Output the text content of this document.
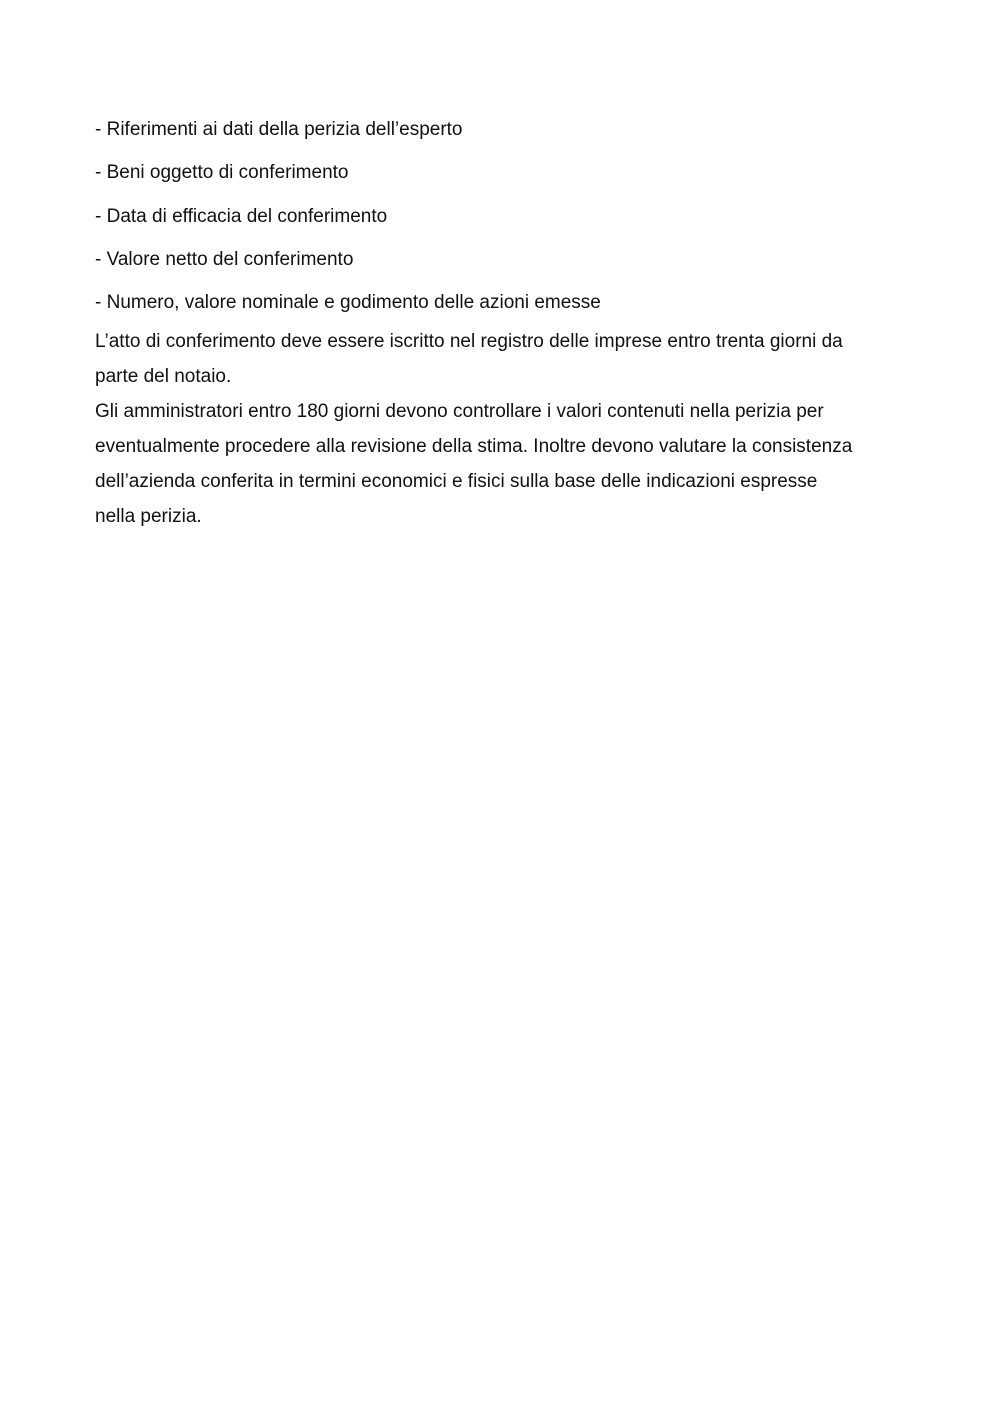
- Riferimenti ai dati della perizia dell’esperto
- Beni oggetto di conferimento
- Data di efficacia del conferimento
- Valore netto del conferimento
- Numero, valore nominale e godimento delle azioni emesse

L’atto di conferimento deve essere iscritto nel registro delle imprese entro trenta giorni da
parte del notaio.

Gli amministratori entro 180 giorni devono controllare i valori contenuti nella perizia per
eventualmente procedere alla revisione della stima. Inoltre devono valutare la consistenza
dell’azienda conferita in termini economici e fisici sulla base delle indicazioni espresse
nella perizia.
